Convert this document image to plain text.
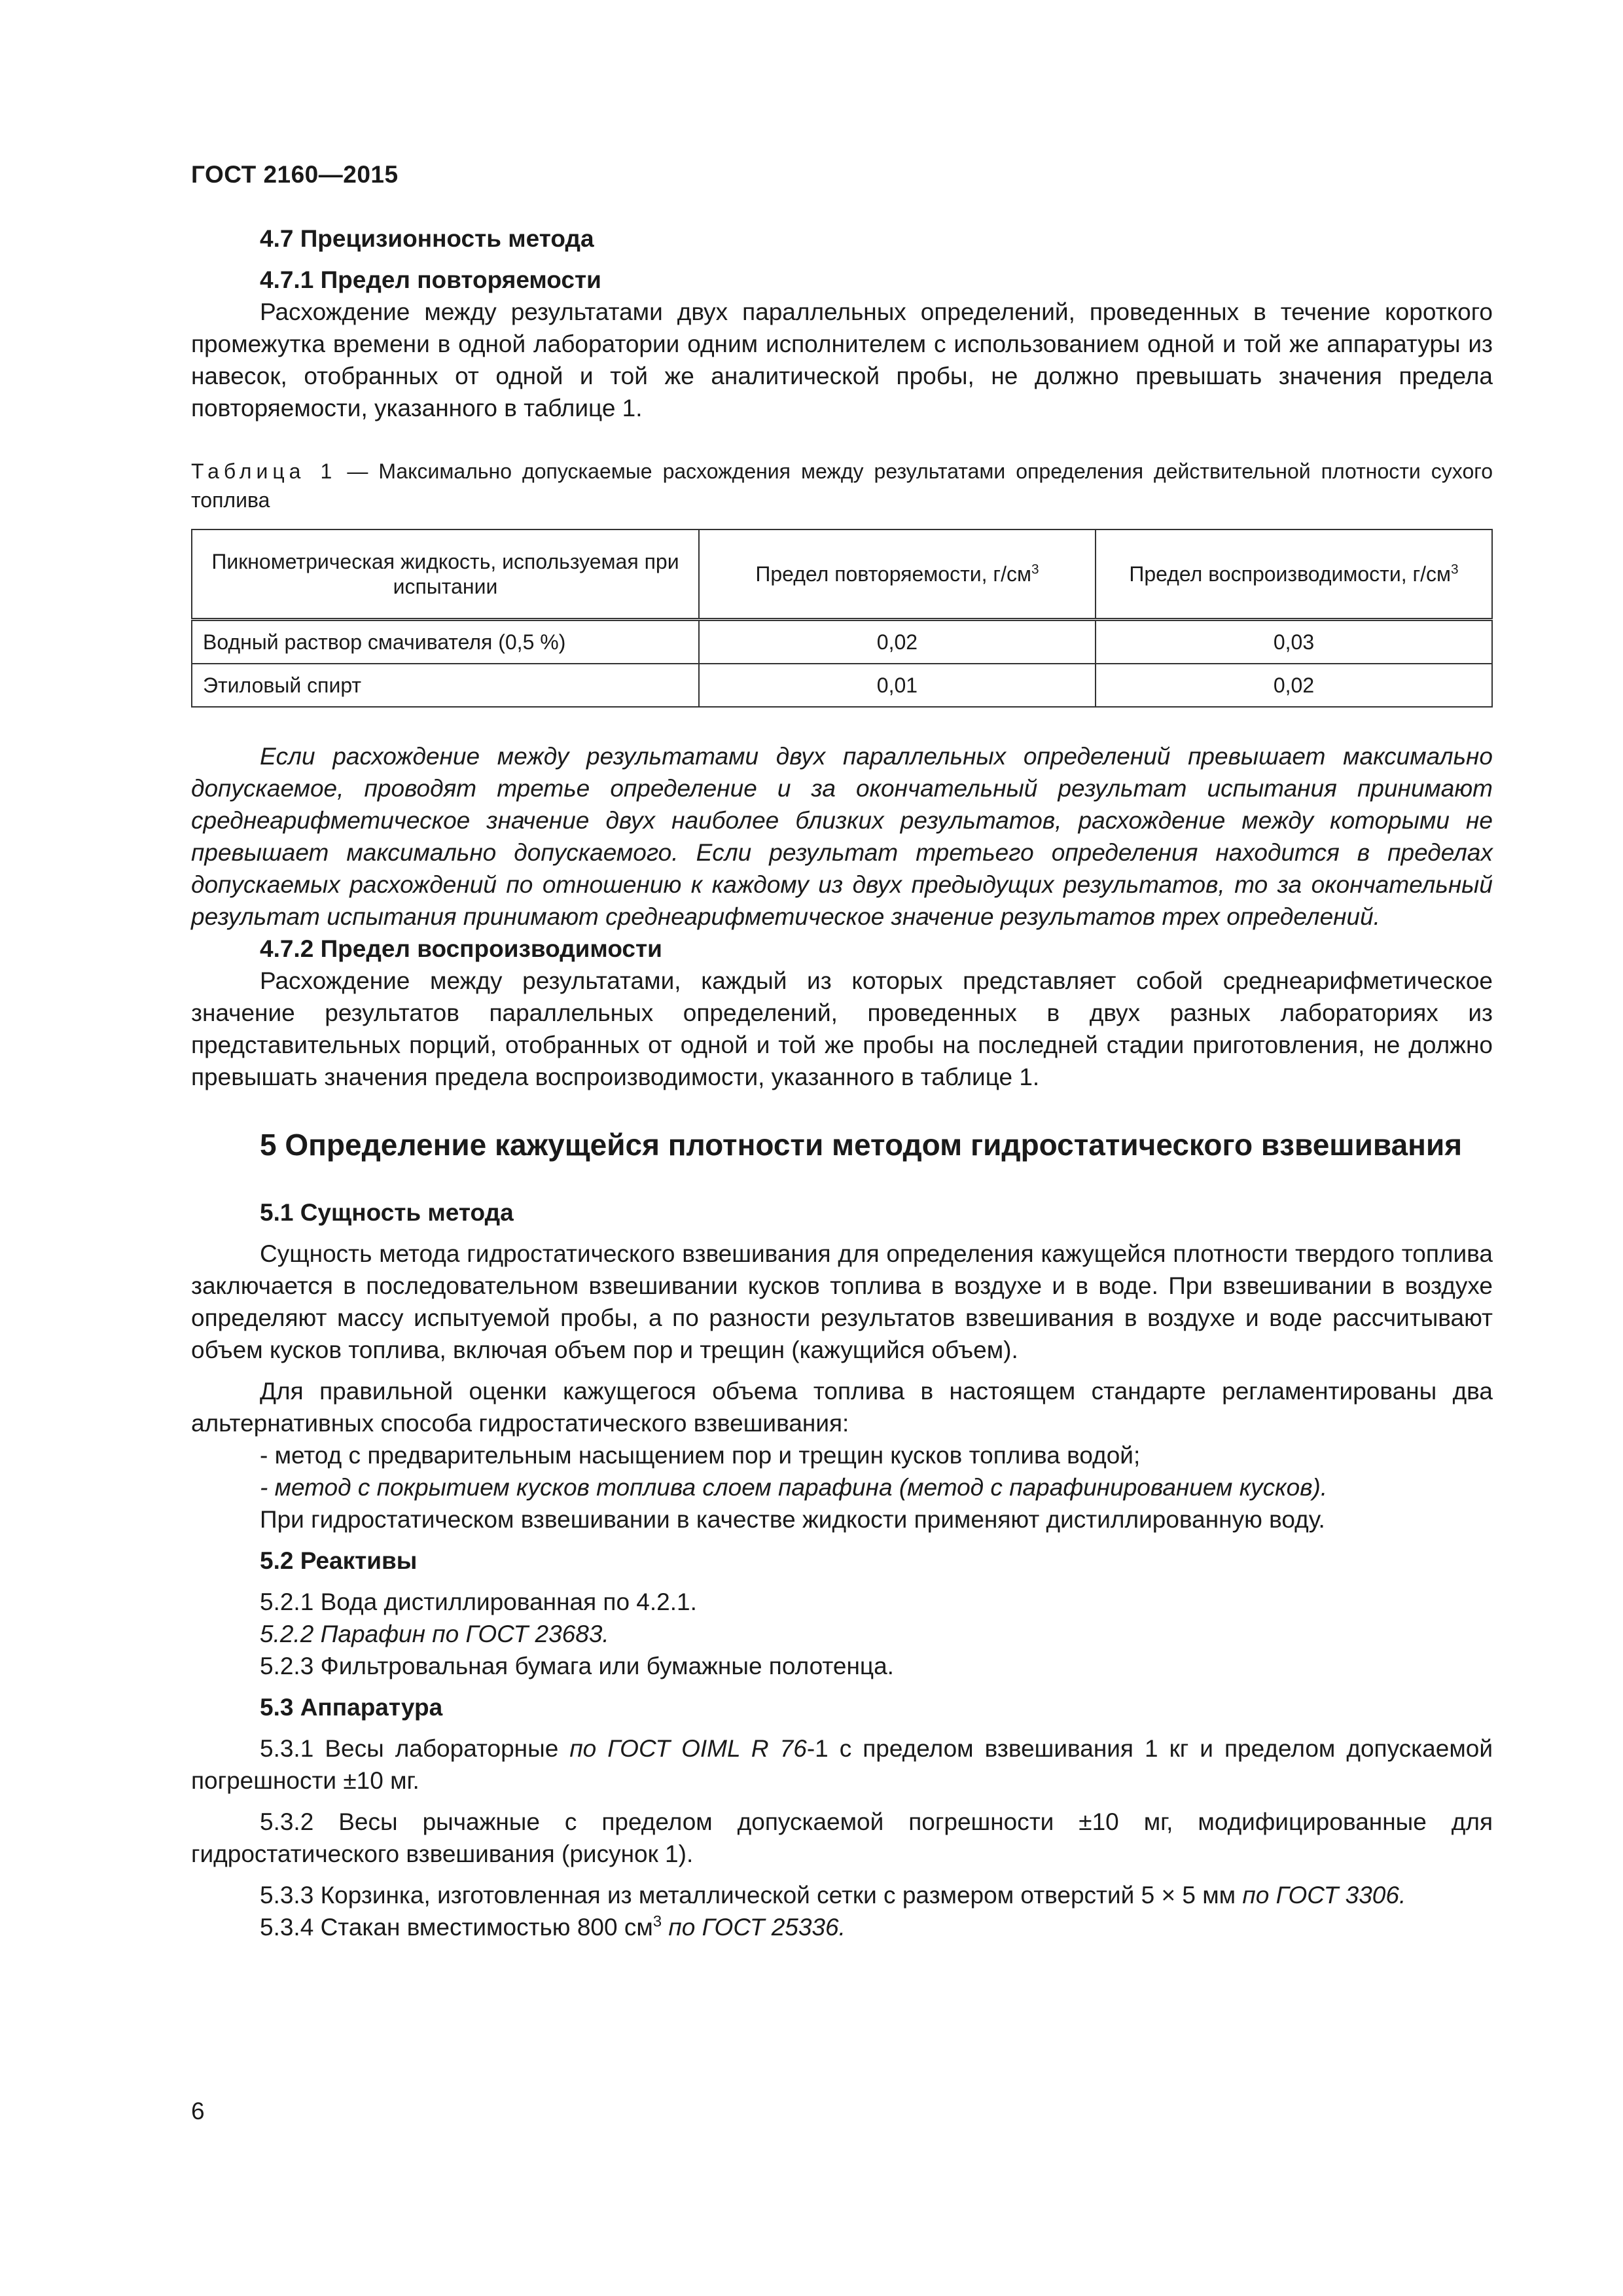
ГОСТ 2160—2015

4.7 Прецизионность метода

4.7.1 Предел повторяемости

Расхождение между результатами двух параллельных определений, проведенных в течение короткого промежутка времени в одной лаборатории одним исполнителем с использованием одной и той же аппаратуры из навесок, отобранных от одной и той же аналитической пробы, не должно превышать значения предела повторяемости, указанного в таблице 1.

Таблица 1 — Максимально допускаемые расхождения между результатами определения действительной плотности сухого топлива

Пикнометрическая жидкость, используемая при испытании	Предел повторяемости, $г/см^3$	Предел воспроизводимости, $г/см^3$
Водный раствор смачивателя (0,5 %)	0,02	0,03
Этиловый спирт	0,01	0,02

Если расхождение между результатами двух параллельных определений превышает максимально допускаемое, проводят третье определение и за окончательный результат испытания принимают среднеарифметическое значение двух наиболее близких результатов, расхождение между которыми не превышает максимально допускаемого. Если результат третьего определения находится в пределах допускаемых расхождений по отношению к каждому из двух предыдущих результатов, то за окончательный результат испытания принимают среднеарифметическое значение результатов трех определений.

4.7.2 Предел воспроизводимости

Расхождение между результатами, каждый из которых представляет собой среднеарифметическое значение результатов параллельных определений, проведенных в двух разных лабораториях из представительных порций, отобранных от одной и той же пробы на последней стадии приготовления, не должно превышать значения предела воспроизводимости, указанного в таблице 1.

5 Определение кажущейся плотности методом гидростатического взвешивания

5.1 Сущность метода

Сущность метода гидростатического взвешивания для определения кажущейся плотности твердого топлива заключается в последовательном взвешивании кусков топлива в воздухе и в воде. При взвешивании в воздухе определяют массу испытуемой пробы, а по разности результатов взвешивания в воздухе и воде рассчитывают объем кусков топлива, включая объем пор и трещин (кажущийся объем).

Для правильной оценки кажущегося объема топлива в настоящем стандарте регламентированы два альтернативных способа гидростатического взвешивания:

- метод с предварительным насыщением пор и трещин кусков топлива водой;

- метод с покрытием кусков топлива слоем парафина (метод с парафинированием кусков).

При гидростатическом взвешивании в качестве жидкости применяют дистиллированную воду.

5.2 Реактивы

5.2.1 Вода дистиллированная по 4.2.1.

5.2.2 Парафин по ГОСТ 23683.

5.2.3 Фильтровальная бумага или бумажные полотенца.

5.3 Аппаратура

5.3.1 Весы лабораторные по ГОСТ OIML R 76-1 с пределом взвешивания 1 кг и пределом допускаемой погрешности ±10 мг.

5.3.2 Весы рычажные с пределом допускаемой погрешности ±10 мг, модифицированные для гидростатического взвешивания (рисунок 1).

5.3.3 Корзинка, изготовленная из металлической сетки с размером отверстий 5 × 5 мм по ГОСТ 3306.

5.3.4 Стакан вместимостью 800 $см^3$ по ГОСТ 25336.

6
